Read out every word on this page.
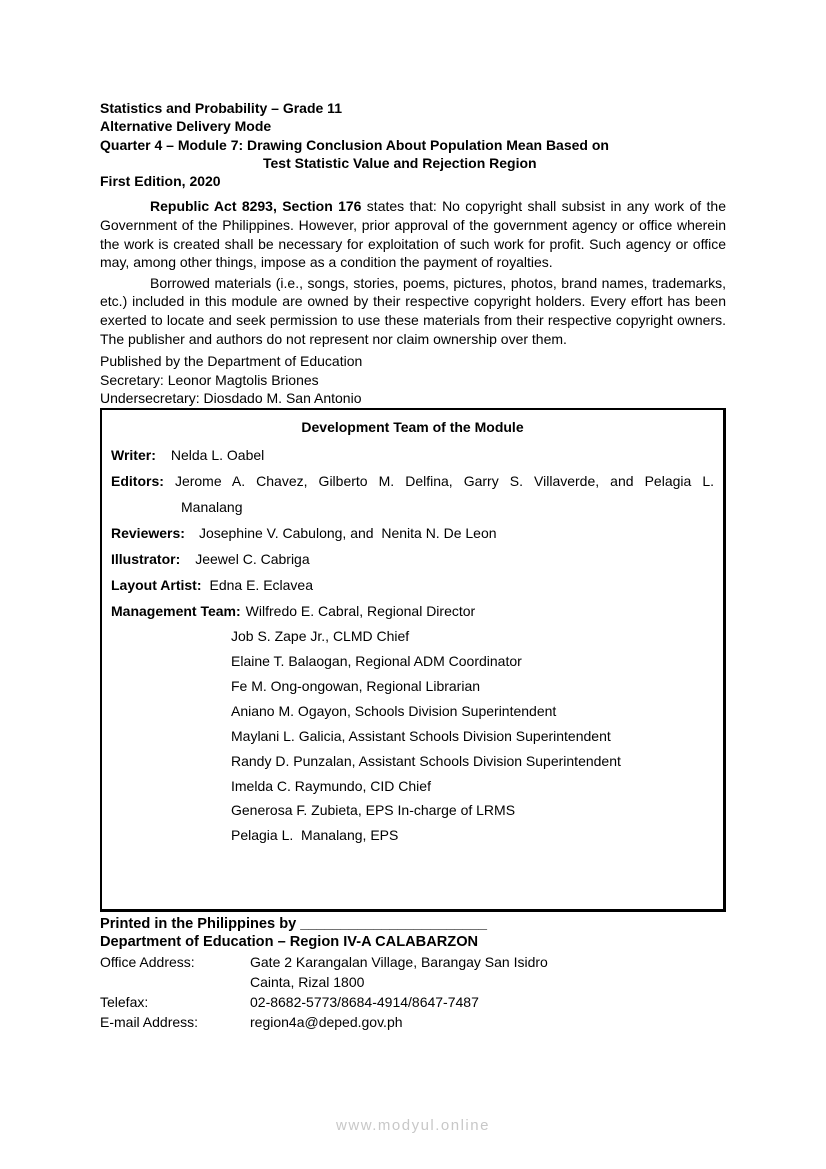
Statistics and Probability – Grade 11
Alternative Delivery Mode
Quarter 4 – Module 7: Drawing Conclusion About Population Mean Based on
Test Statistic Value and Rejection Region
First Edition, 2020

Republic Act 8293, Section 176 states that: No copyright shall subsist in any work of the Government of the Philippines. However, prior approval of the government agency or office wherein the work is created shall be necessary for exploitation of such work for profit. Such agency or office may, among other things, impose as a condition the payment of royalties.

Borrowed materials (i.e., songs, stories, poems, pictures, photos, brand names, trademarks, etc.) included in this module are owned by their respective copyright holders. Every effort has been exerted to locate and seek permission to use these materials from their respective copyright owners. The publisher and authors do not represent nor claim ownership over them.

Published by the Department of Education
Secretary: Leonor Magtolis Briones
Undersecretary: Diosdado M. San Antonio
Development Team of the Module
Writer: Nelda L. Oabel
Editors: Jerome A. Chavez, Gilberto M. Delfina, Garry S. Villaverde, and Pelagia L.
Manalang
Reviewers: Josephine V. Cabulong, and  Nenita N. De Leon
Illustrator: Jeewel C. Cabriga
Layout Artist: Edna E. Eclavea
Management Team: Wilfredo E. Cabral, Regional Director
Job S. Zape Jr., CLMD Chief
Elaine T. Balaogan, Regional ADM Coordinator
Fe M. Ong-ongowan, Regional Librarian
Aniano M. Ogayon, Schools Division Superintendent
Maylani L. Galicia, Assistant Schools Division Superintendent
Randy D. Punzalan, Assistant Schools Division Superintendent
Imelda C. Raymundo, CID Chief
Generosa F. Zubieta, EPS In-charge of LRMS
Pelagia L.  Manalang, EPS
Printed in the Philippines by _______________________
Department of Education – Region IV-A CALABARZON
Office Address:	Gate 2 Karangalan Village, Barangay San Isidro
Cainta, Rizal 1800
Telefax:	02-8682-5773/8684-4914/8647-7487
E-mail Address:	region4a@deped.gov.ph
www.modyul.online
